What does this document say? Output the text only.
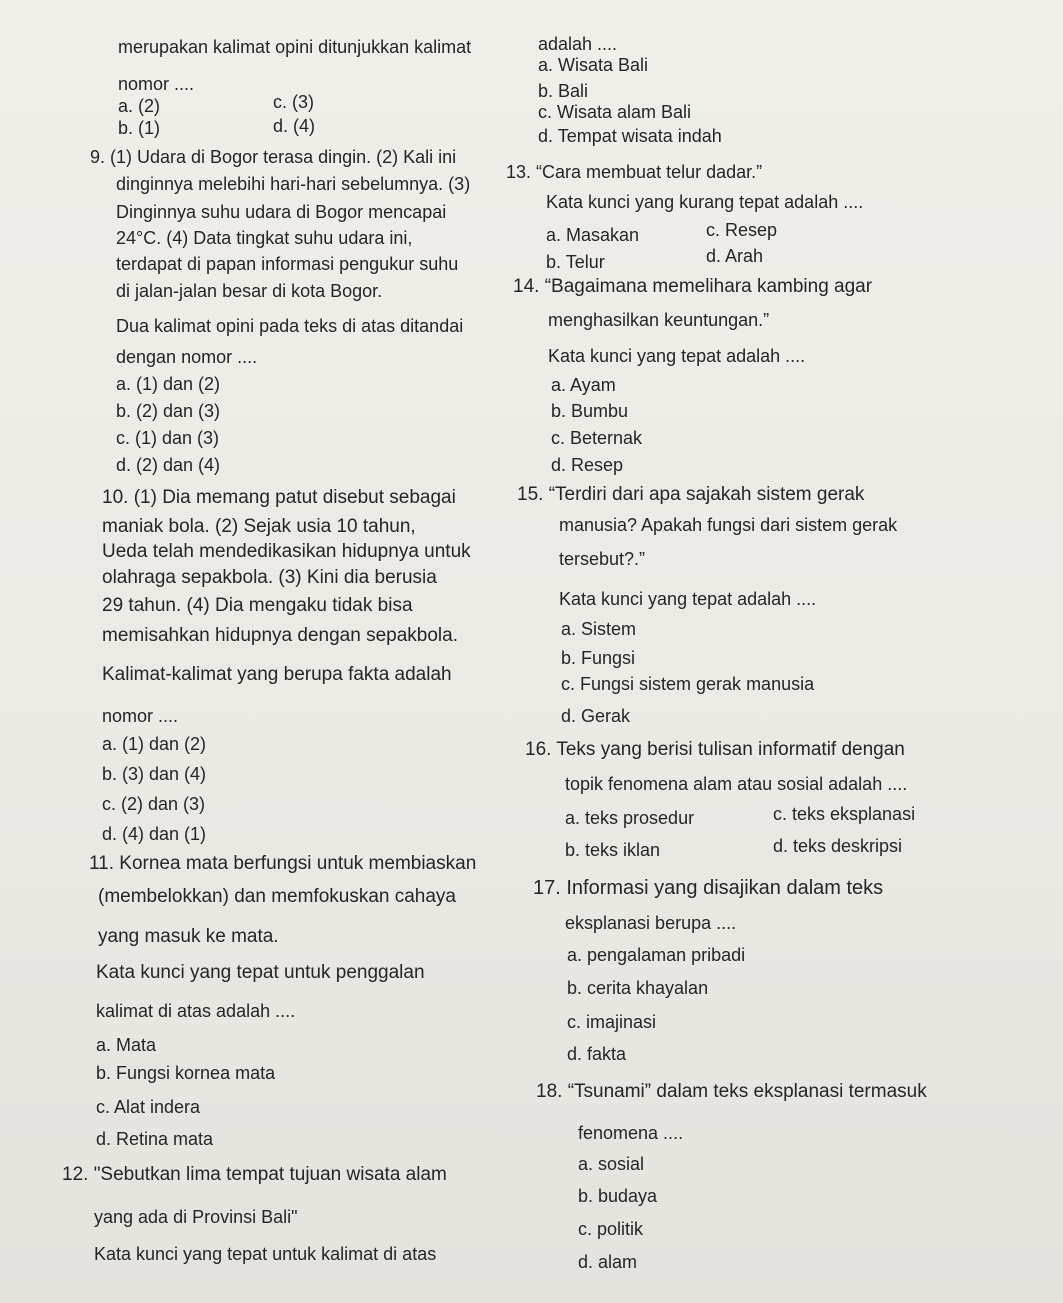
merupakan kalimat opini ditunjukkan kalimat
nomor ....
a. (2)	c. (3)
b. (1)	d. (4)
9. (1) Udara di Bogor terasa dingin. (2) Kali ini
dinginnya melebihi hari-hari sebelumnya. (3)
Dinginnya suhu udara di Bogor mencapai
24°C. (4) Data tingkat suhu udara ini,
terdapat di papan informasi pengukur suhu
di jalan-jalan besar di kota Bogor.
Dua kalimat opini pada teks di atas ditandai
dengan nomor ....
a. (1) dan (2)
b. (2) dan (3)
c. (1) dan (3)
d. (2) dan (4)
10. (1) Dia memang patut disebut sebagai
maniak bola. (2) Sejak usia 10 tahun,
Ueda telah mendedikasikan hidupnya untuk
olahraga sepakbola. (3) Kini dia berusia
29 tahun. (4) Dia mengaku tidak bisa
memisahkan hidupnya dengan sepakbola.
Kalimat-kalimat yang berupa fakta adalah
nomor ....
a. (1) dan (2)
b. (3) dan (4)
c. (2) dan (3)
d. (4) dan (1)
11. Kornea mata berfungsi untuk membiaskan
(membelokkan) dan memfokuskan cahaya
yang masuk ke mata.
Kata kunci yang tepat untuk penggalan
kalimat di atas adalah ....
a. Mata
b. Fungsi kornea mata
c. Alat indera
d. Retina mata
12. "Sebutkan lima tempat tujuan wisata alam
yang ada di Provinsi Bali"
Kata kunci yang tepat untuk kalimat di atas
adalah ....
a. Wisata Bali
b. Bali
c. Wisata alam Bali
d. Tempat wisata indah
13. “Cara membuat telur dadar.”
Kata kunci yang kurang tepat adalah ....
a. Masakan	c. Resep
b. Telur	d. Arah
14. “Bagaimana memelihara kambing agar
menghasilkan keuntungan.”
Kata kunci yang tepat adalah ....
a. Ayam
b. Bumbu
c. Beternak
d. Resep
15. “Terdiri dari apa sajakah sistem gerak
manusia? Apakah fungsi dari sistem gerak
tersebut?.”
Kata kunci yang tepat adalah ....
a. Sistem
b. Fungsi
c. Fungsi sistem gerak manusia
d. Gerak
16. Teks yang berisi tulisan informatif dengan
topik fenomena alam atau sosial adalah ....
a. teks prosedur	c. teks eksplanasi
b. teks iklan	d. teks deskripsi
17. Informasi yang disajikan dalam teks
eksplanasi berupa ....
a. pengalaman pribadi
b. cerita khayalan
c. imajinasi
d. fakta
18. “Tsunami” dalam teks eksplanasi termasuk
fenomena ....
a. sosial
b. budaya
c. politik
d. alam
